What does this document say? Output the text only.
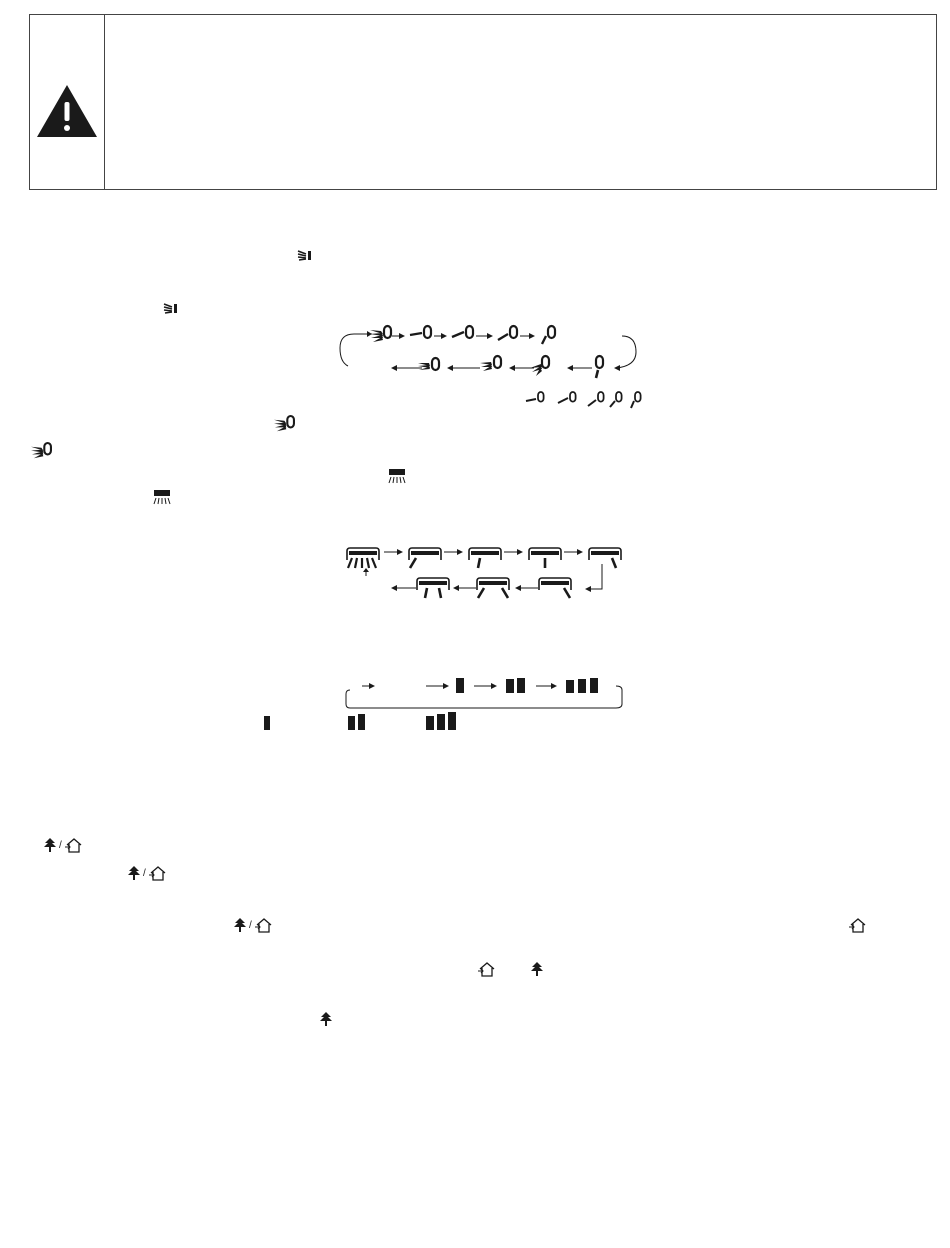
/
/
/
